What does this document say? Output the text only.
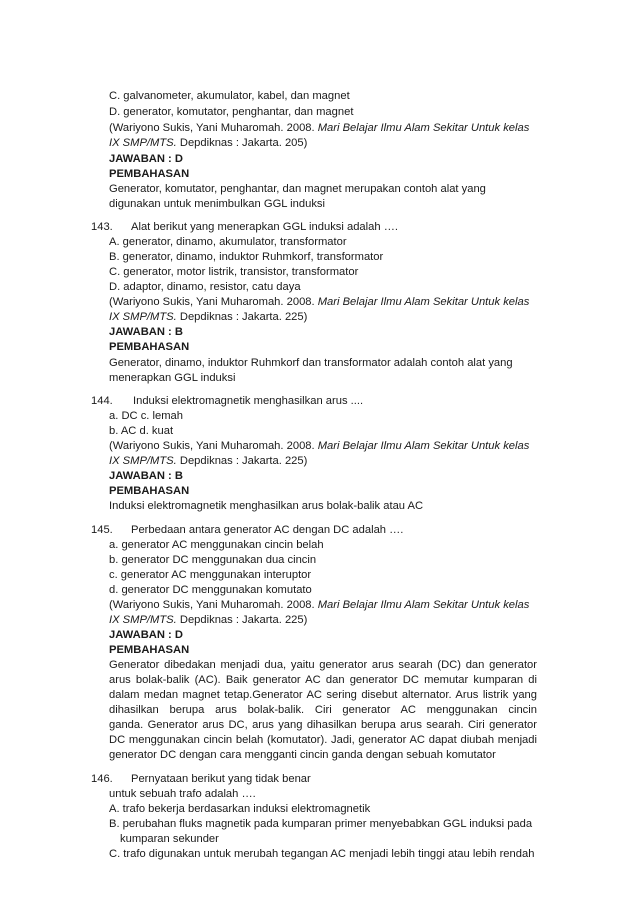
C. galvanometer, akumulator, kabel, dan magnet
D. generator, komutator, penghantar, dan magnet
(Wariyono Sukis, Yani Muharomah. 2008. Mari Belajar Ilmu Alam Sekitar Untuk kelas
IX SMP/MTS. Depdiknas : Jakarta. 205)
JAWABAN : D
PEMBAHASAN
Generator, komutator, penghantar, dan magnet merupakan contoh alat yang
digunakan untuk menimbulkan GGL induksi
143. Alat berikut yang menerapkan GGL induksi adalah ….
A. generator, dinamo, akumulator, transformator
B. generator, dinamo, induktor Ruhmkorf, transformator
C. generator, motor listrik, transistor, transformator
D. adaptor, dinamo, resistor, catu daya
(Wariyono Sukis, Yani Muharomah. 2008. Mari Belajar Ilmu Alam Sekitar Untuk kelas
IX SMP/MTS. Depdiknas : Jakarta. 225)
JAWABAN : B
PEMBAHASAN
Generator, dinamo, induktor Ruhmkorf dan transformator adalah contoh alat yang
menerapkan GGL induksi
144. Induksi elektromagnetik menghasilkan arus ....
a. DC c. lemah
b. AC d. kuat
(Wariyono Sukis, Yani Muharomah. 2008. Mari Belajar Ilmu Alam Sekitar Untuk kelas
IX SMP/MTS. Depdiknas : Jakarta. 225)
JAWABAN : B
PEMBAHASAN
Induksi elektromagnetik menghasilkan arus bolak-balik atau AC
145. Perbedaan antara generator AC dengan DC adalah ….
a. generator AC menggunakan cincin belah
b. generator DC menggunakan dua cincin
c. generator AC menggunakan interuptor
d. generator DC menggunakan komutato
(Wariyono Sukis, Yani Muharomah. 2008. Mari Belajar Ilmu Alam Sekitar Untuk kelas
IX SMP/MTS. Depdiknas : Jakarta. 225)
JAWABAN : D
PEMBAHASAN
Generator dibedakan menjadi dua, yaitu generator arus searah (DC) dan generator
arus bolak-balik (AC). Baik generator AC dan generator DC memutar kumparan di
dalam medan magnet tetap.Generator AC sering disebut alternator. Arus listrik yang
dihasilkan berupa arus bolak-balik. Ciri generator AC menggunakan cincin
ganda. Generator arus DC, arus yang dihasilkan berupa arus searah. Ciri generator
DC menggunakan cincin belah (komutator). Jadi, generator AC dapat diubah menjadi
generator DC dengan cara mengganti cincin ganda dengan sebuah komutator
146. Pernyataan berikut yang tidak benar
untuk sebuah trafo adalah ….
A. trafo bekerja berdasarkan induksi elektromagnetik
B. perubahan fluks magnetik pada kumparan primer menyebabkan GGL induksi pada
kumparan sekunder
C. trafo digunakan untuk merubah tegangan AC menjadi lebih tinggi atau lebih rendah
